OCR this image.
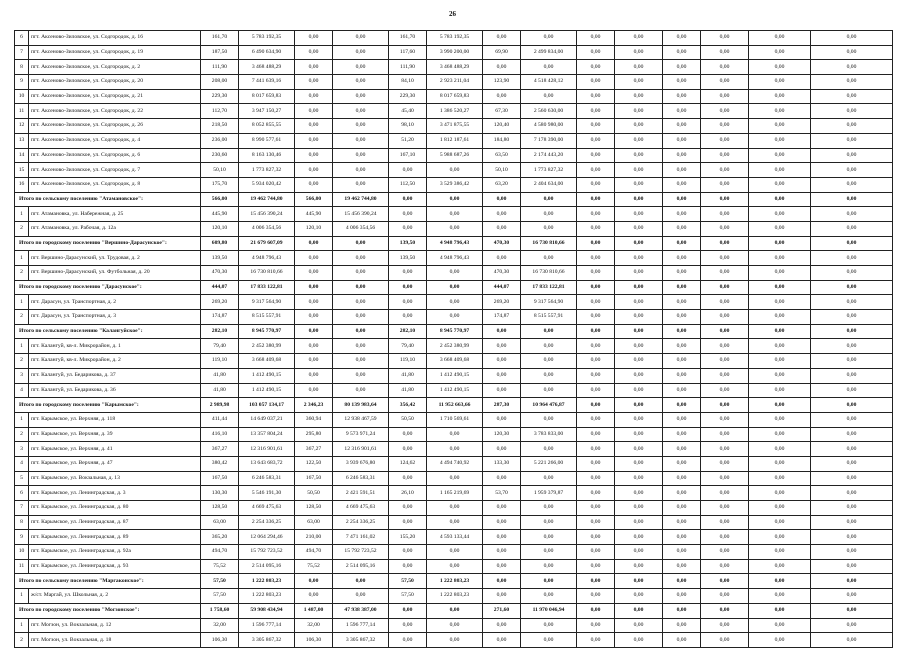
26
6	пгт. Аксеново-Зиловское, ул. Содгородок, д. 16	161,70	5 783 192,35	0,00	0,00	161,70	5 783 192,35	0,00	0,00	0,00	0,00	0,00	0,00	0,00	0,00
7	пгт. Аксеново-Зиловское, ул. Содгородок, д. 19	187,50	6 490 634,90	0,00	0,00	117,60	3 990 200,00	69,90	2 499 834,00	0,00	0,00	0,00	0,00	0,00	0,00
8	пгт. Аксеново-Зиловское, ул. Содгородок, д. 2	111,90	3 468 488,29	0,00	0,00	111,90	3 468 488,29	0,00	0,00	0,00	0,00	0,00	0,00	0,00	0,00
9	пгт. Аксеново-Зиловское, ул. Содгородок, д. 20	208,00	7 441 639,16	0,00	0,00	84,10	2 923 211,04	123,90	4 518 428,12	0,00	0,00	0,00	0,00	0,00	0,00
10	пгт. Аксеново-Зиловское, ул. Содгородок, д. 21	229,30	8 017 659,83	0,00	0,00	229,30	8 017 659,83	0,00	0,00	0,00	0,00	0,00	0,00	0,00	0,00
11	пгт. Аксеново-Зиловское, ул. Содгородок, д. 22	112,70	3 947 150,27	0,00	0,00	45,40	1 386 520,27	67,30	2 560 630,00	0,00	0,00	0,00	0,00	0,00	0,00
12	пгт. Аксеново-Зиловское, ул. Содгородок, д. 26	218,50	8 052 855,55	0,00	0,00	98,10	3 471 875,55	120,40	4 580 980,00	0,00	0,00	0,00	0,00	0,00	0,00
13	пгт. Аксеново-Зиловское, ул. Содгородок, д. 4	236,00	8 990 577,61	0,00	0,00	51,20	1 812 187,61	184,80	7 178 390,00	0,00	0,00	0,00	0,00	0,00	0,00
14	пгт. Аксеново-Зиловское, ул. Содгородок, д. 6	230,60	8 163 130,46	0,00	0,00	167,10	5 988 687,26	63,50	2 174 443,20	0,00	0,00	0,00	0,00	0,00	0,00
15	пгт. Аксеново-Зиловское, ул. Содгородок, д. 7	50,10	1 773 827,32	0,00	0,00	0,00	0,00	50,10	1 773 827,32	0,00	0,00	0,00	0,00	0,00	0,00
16	пгт. Аксеново-Зиловское, ул. Содгородок, д. 8	175,70	5 934 020,42	0,00	0,00	112,50	3 529 386,42	63,20	2 404 634,00	0,00	0,00	0,00	0,00	0,00	0,00
Итого по сельскому поселению "Атамановское":		566,00	19 462 744,80	566,00	19 462 744,80	0,00	0,00	0,00	0,00	0,00	0,00	0,00	0,00	0,00	0,00
1	пгт. Атамановка, ул. Набережная, д. 25	445,90	15 456 390,24	445,90	15 456 390,24	0,00	0,00	0,00	0,00	0,00	0,00	0,00	0,00	0,00	0,00
2	пгт. Атамановка, ул. Рабочая, д. 12а	120,10	4 006 354,56	120,10	4 006 354,56	0,00	0,00	0,00	0,00	0,00	0,00	0,00	0,00	0,00	0,00
Итого по городскому поселению "Вершино-Дарасунское":		609,80	21 679 607,09	0,00	0,00	139,50	4 948 796,43	470,30	16 730 810,66	0,00	0,00	0,00	0,00	0,00	0,00
1	пгт. Вершино-Дарасунский, ул. Трудовая, д. 2	139,50	4 948 796,43	0,00	0,00	139,50	4 948 796,43	0,00	0,00	0,00	0,00	0,00	0,00	0,00	0,00
2	пгт. Вершино-Дарасунский, ул. Футбольная, д. 20	470,30	16 730 810,66	0,00	0,00	0,00	0,00	470,30	16 730 810,66	0,00	0,00	0,00	0,00	0,00	0,00
Итого по городскому поселению "Дарасунское":		444,07	17 833 122,81	0,00	0,00	0,00	0,00	444,07	17 833 122,81	0,00	0,00	0,00	0,00	0,00	0,00
1	пгт. Дарасун, ул. Транспортная, д. 2	269,20	9 317 564,90	0,00	0,00	0,00	0,00	269,20	9 317 564,90	0,00	0,00	0,00	0,00	0,00	0,00
2	пгт. Дарасун, ул. Транспортная, д. 3	174,87	8 515 557,91	0,00	0,00	0,00	0,00	174,87	8 515 557,91	0,00	0,00	0,00	0,00	0,00	0,00
Итого по сельскому поселению "Калангуйское":		282,10	8 945 770,97	0,00	0,00	282,10	8 945 770,97	0,00	0,00	0,00	0,00	0,00	0,00	0,00	0,00
1	пгт. Калангуй, кв-л. Микрорайон, д. 1	79,40	2 452 380,99	0,00	0,00	79,40	2 452 380,99	0,00	0,00	0,00	0,00	0,00	0,00	0,00	0,00
2	пгт. Калангуй, кв-л. Микрорайон, д. 2	119,10	3 668 409,68	0,00	0,00	119,10	3 668 409,68	0,00	0,00	0,00	0,00	0,00	0,00	0,00	0,00
3	пгт. Калангуй, ул. Бедарикова, д. 37	41,80	1 412 490,15	0,00	0,00	41,80	1 412 490,15	0,00	0,00	0,00	0,00	0,00	0,00	0,00	0,00
4	пгт. Калангуй, ул. Бедарикова, д. 36	41,80	1 412 490,15	0,00	0,00	41,80	1 412 490,15	0,00	0,00	0,00	0,00	0,00	0,00	0,00	0,00
Итого по городскому поселению "Карымское":		2 989,98	103 057 134,17	2 346,23	80 139 983,64	356,42	11 952 663,66	287,30	10 964 476,87	0,00	0,00	0,00	0,00	0,00	0,00
1	пгт. Карымское, ул. Верхняя, д. 118	411,44	14 649 037,21	360,94	12 938 467,59	50,50	1 710 569,61	0,00	0,00	0,00	0,00	0,00	0,00	0,00	0,00
2	пгт. Карымское, ул. Верхняя, д. 39	416,10	13 357 804,24	295,80	9 573 971,24	0,00	0,00	120,30	3 783 833,00	0,00	0,00	0,00	0,00	0,00	0,00
3	пгт. Карымское, ул. Верхняя, д. 41	367,27	12 316 901,61	367,27	12 316 901,61	0,00	0,00	0,00	0,00	0,00	0,00	0,00	0,00	0,00	0,00
4	пгт. Карымское, ул. Верхняя, д. 47	380,42	13 643 683,72	122,50	3 939 676,80	124,62	4 494 740,92	133,30	5 221 266,00	0,00	0,00	0,00	0,00	0,00	0,00
5	пгт. Карымское, ул. Вокзальная, д. 13	167,50	6 246 583,31	167,50	6 246 583,31	0,00	0,00	0,00	0,00	0,00	0,00	0,00	0,00	0,00	0,00
6	пгт. Карымское, ул. Ленинградская, д. 3	130,30	5 546 191,30	50,50	2 421 591,51	26,10	1 165 219,69	53,70	1 959 379,87	0,00	0,00	0,00	0,00	0,00	0,00
7	пгт. Карымское, ул. Ленинградская, д. 80	128,50	4 669 475,63	128,50	4 669 475,63	0,00	0,00	0,00	0,00	0,00	0,00	0,00	0,00	0,00	0,00
8	пгт. Карымское, ул. Ленинградская, д. 87	63,00	2 254 336,25	63,00	2 254 336,25	0,00	0,00	0,00	0,00	0,00	0,00	0,00	0,00	0,00	0,00
9	пгт. Карымское, ул. Ленинградская, д. 89	365,20	12 064 294,46	210,00	7 471 161,02	155,20	4 593 133,44	0,00	0,00	0,00	0,00	0,00	0,00	0,00	0,00
10	пгт. Карымское, ул. Ленинградская, д. 92а	494,70	15 792 723,52	494,70	15 792 723,52	0,00	0,00	0,00	0,00	0,00	0,00	0,00	0,00	0,00	0,00
11	пгт. Карымское, ул. Ленинградская, д. 93	75,52	2 514 095,16	75,52	2 514 095,16	0,00	0,00	0,00	0,00	0,00	0,00	0,00	0,00	0,00	0,00
Итого по сельскому поселению "Маргаконское":		57,50	1 222 803,23	0,00	0,00	57,50	1 222 803,23	0,00	0,00	0,00	0,00	0,00	0,00	0,00	0,00
1	ж/ст. Маргай, ул. Школьная, д. 2	57,50	1 222 803,23	0,00	0,00	57,50	1 222 803,23	0,00	0,00	0,00	0,00	0,00	0,00	0,00	0,00
Итого по городскому поселению "Могзонское":		1 758,60	59 908 434,94	1 487,00	47 938 387,00	0,00	0,00	271,60	11 970 046,94	0,00	0,00	0,00	0,00	0,00	0,00
1	пгт. Могзон, ул. Вокзальная, д. 12	32,00	1 596 777,14	32,00	1 596 777,14	0,00	0,00	0,00	0,00	0,00	0,00	0,00	0,00	0,00	0,00
2	пгт. Могзон, ул. Вокзальная, д. 18	106,30	3 305 867,32	106,30	3 305 867,32	0,00	0,00	0,00	0,00	0,00	0,00	0,00	0,00	0,00	0,00
